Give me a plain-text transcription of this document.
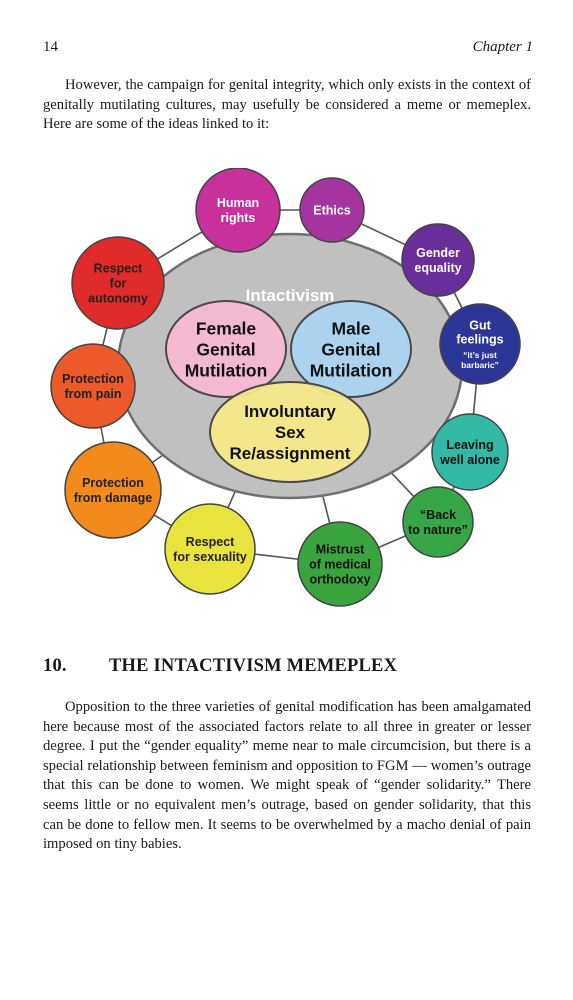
14	Chapter 1

However, the campaign for genital integrity, which only exists in the context of genitally mutilating cultures, may usefully be considered a meme or memeplex. Here are some of the ideas linked to it:

Intactivism
Female
Genital
Mutilation
Male
Genital
Mutilation
Involuntary
Sex
Re/assignment
Human
rights
Ethics
Gender
equality
Gut
feelings
“it’s just
barbaric”
Leaving
well alone
“Back
to nature”
Mistrust
of medical
orthodoxy
Respect
for sexuality
Protection
from damage
Protection
from pain
Respect
for
autonomy
10. THE INTACTIVISM MEMEPLEX

Opposition to the three varieties of genital modification has been amalgamated here because most of the associated factors relate to all three in greater or lesser degree. I put the “gender equality” meme near to male circumcision, but there is a special relationship between feminism and opposition to FGM — women’s outrage that this can be done to women. We might speak of “gender solidarity.” There seems little or no equivalent men’s outrage, based on gender solidarity, that this can be done to fellow men. It seems to be overwhelmed by a macho denial of pain imposed on tiny babies.
